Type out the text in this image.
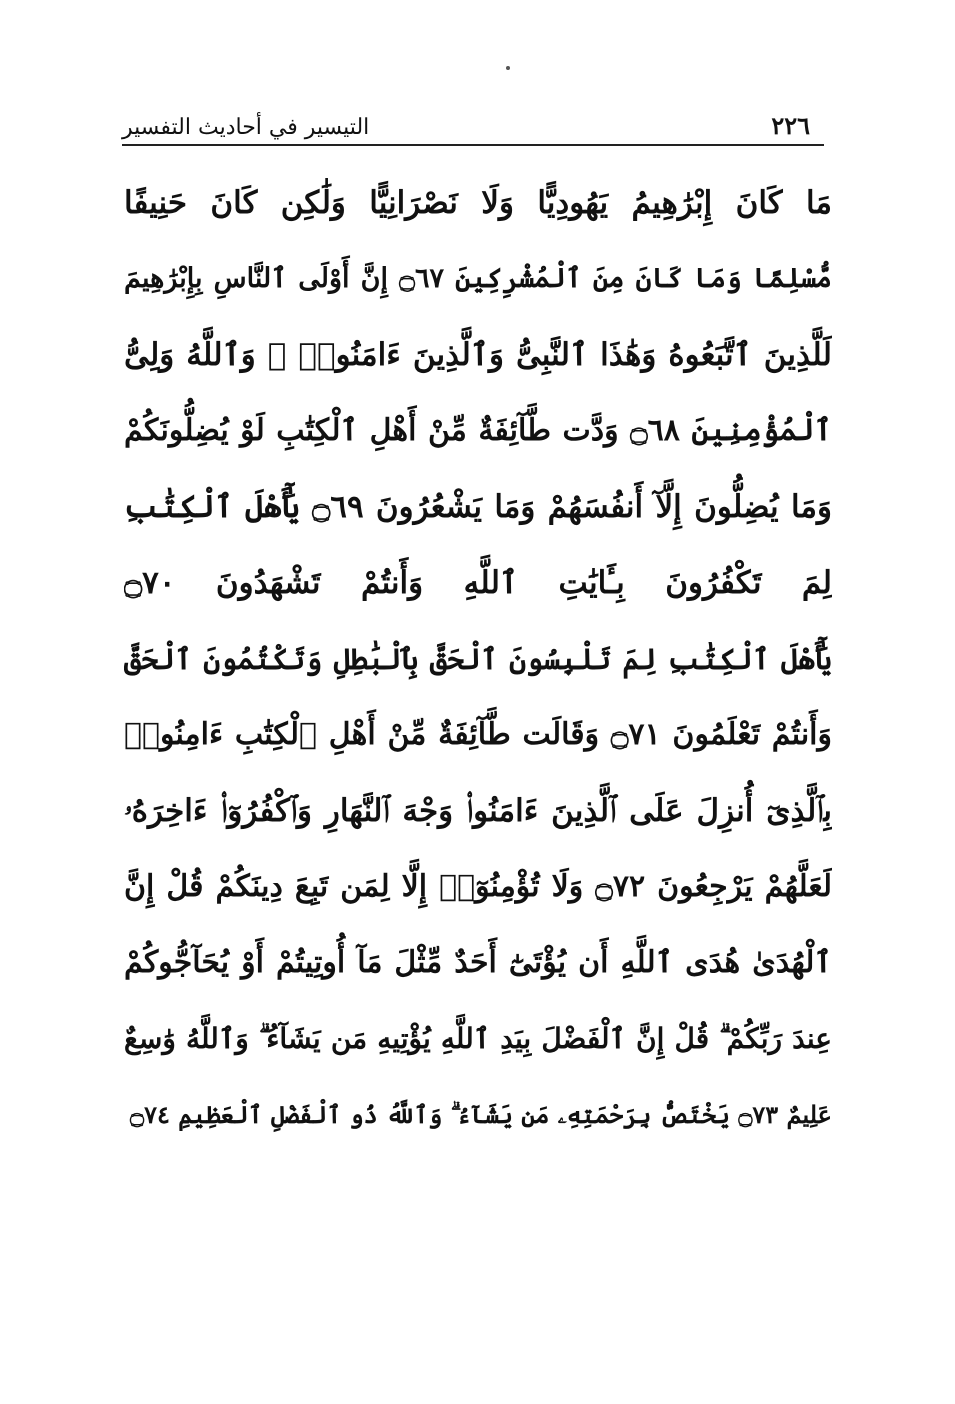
التيسير في أحاديث التفسير	٢٢٦
مَا كَانَ إِبْرَٰهِيمُ يَهُودِيًّا وَلَا نَصْرَانِيًّا وَلَٰكِن كَانَ حَنِيفًا
مُّسْلِمًا وَمَا كَانَ مِنَ ٱلْمُشْرِكِينَ ۝٦٧ إِنَّ أَوْلَى ٱلنَّاسِ بِإِبْرَٰهِيمَ
لَلَّذِينَ ٱتَّبَعُوهُ وَهَٰذَا ٱلنَّبِىُّ وَٱلَّذِينَ ءَامَنُوا۟ ۗ وَٱللَّهُ وَلِىُّ
ٱلْمُؤْمِنِينَ ۝٦٨ وَدَّت طَّآئِفَةٌ مِّنْ أَهْلِ ٱلْكِتَٰبِ لَوْ يُضِلُّونَكُمْ
وَمَا يُضِلُّونَ إِلَّآ أَنفُسَهُمْ وَمَا يَشْعُرُونَ ۝٦٩ يَٰٓأَهْلَ ٱلْكِتَٰبِ
لِمَ تَكْفُرُونَ بِـَٔايَٰتِ ٱللَّهِ وَأَنتُمْ تَشْهَدُونَ ۝٧٠
يَٰٓأَهْلَ ٱلْكِتَٰبِ لِمَ تَلْبِسُونَ ٱلْحَقَّ بِٱلْبَٰطِلِ وَتَكْتُمُونَ ٱلْحَقَّ
وَأَنتُمْ تَعْلَمُونَ ۝٧١ وَقَالَت طَّآئِفَةٌ مِّنْ أَهْلِ ٱلْكِتَٰبِ ءَامِنُوا۟
بِٱلَّذِىٓ أُنزِلَ عَلَى ٱلَّذِينَ ءَامَنُوا۟ وَجْهَ ٱلنَّهَارِ وَٱكْفُرُوٓا۟ ءَاخِرَهُۥ
لَعَلَّهُمْ يَرْجِعُونَ ۝٧٢ وَلَا تُؤْمِنُوٓا۟ إِلَّا لِمَن تَبِعَ دِينَكُمْ قُلْ إِنَّ
ٱلْهُدَىٰ هُدَى ٱللَّهِ أَن يُؤْتَىٰٓ أَحَدٌ مِّثْلَ مَآ أُوتِيتُمْ أَوْ يُحَآجُّوكُمْ
عِندَ رَبِّكُمْ ۗ قُلْ إِنَّ ٱلْفَضْلَ بِيَدِ ٱللَّهِ يُؤْتِيهِ مَن يَشَآءُ ۗ وَٱللَّهُ وَٰسِعٌ
عَلِيمٌ ۝٧٣ يَخْتَصُّ بِرَحْمَتِهِۦ مَن يَشَآءُ ۗ وَٱللَّهُ ذُو ٱلْفَضْلِ ٱلْعَظِيمِ ۝٧٤
